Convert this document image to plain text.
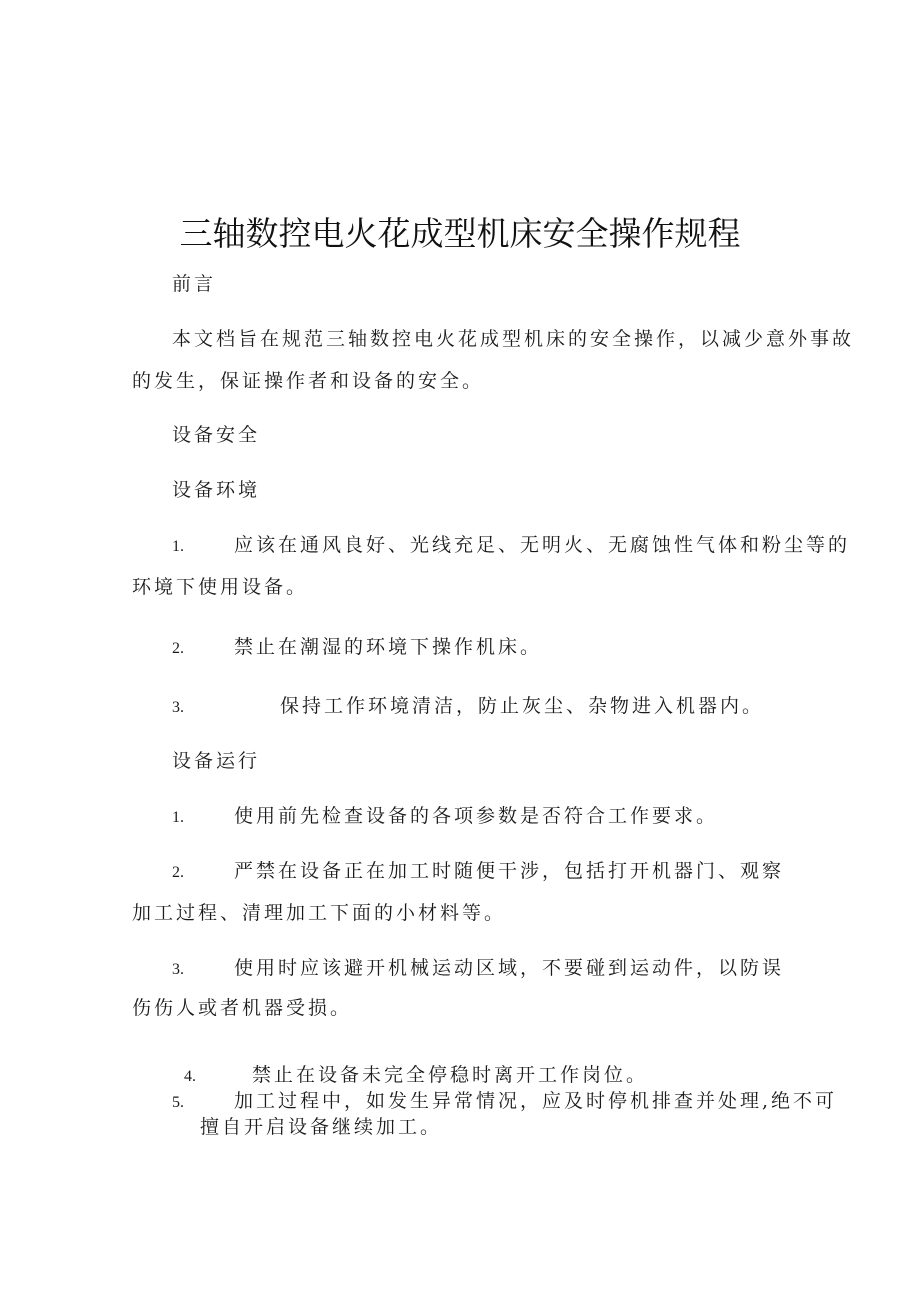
三轴数控电火花成型机床安全操作规程
前言
本文档旨在规范三轴数控电火花成型机床的安全操作，以减少意外事故
的发生，保证操作者和设备的安全。
设备安全
设备环境
1.	应该在通风良好、光线充足、无明火、无腐蚀性气体和粉尘等的
环境下使用设备。
2.	禁止在潮湿的环境下操作机床。
3.	保持工作环境清洁，防止灰尘、杂物进入机器内。
设备运行
1.	使用前先检查设备的各项参数是否符合工作要求。
2.	严禁在设备正在加工时随便干涉，包括打开机器门、观察
加工过程、清理加工下面的小材料等。
3.	使用时应该避开机械运动区域，不要碰到运动件，以防误
伤伤人或者机器受损。
4.	禁止在设备未完全停稳时离开工作岗位。
5.	加工过程中，如发生异常情况，应及时停机排查并处理,绝不可
擅自开启设备继续加工。
